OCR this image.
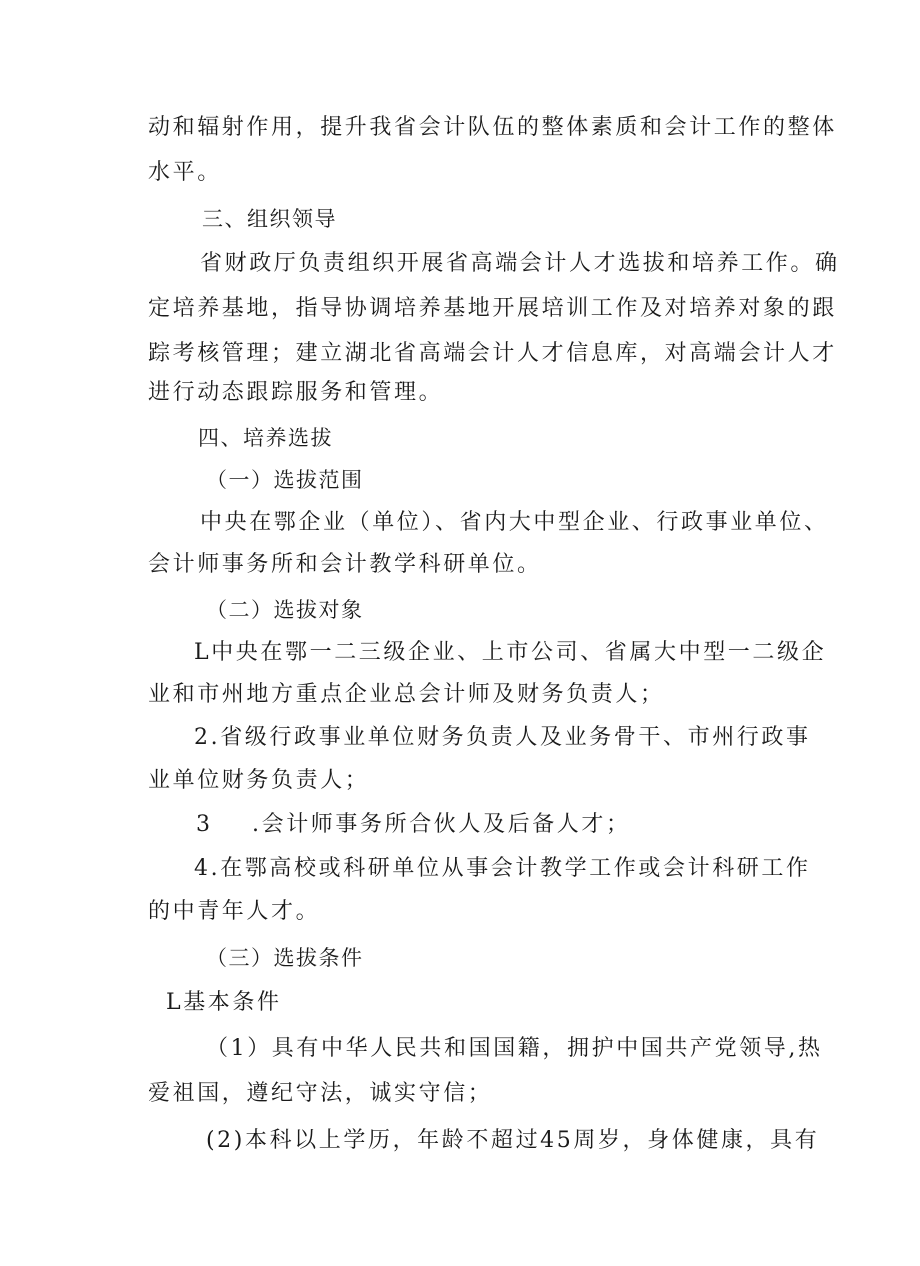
动和辐射作用，提升我省会计队伍的整体素质和会计工作的整体

水平。

三、组织领导

省财政厅负责组织开展省高端会计人才选拔和培养工作。确

定培养基地，指导协调培养基地开展培训工作及对培养对象的跟

踪考核管理；建立湖北省高端会计人才信息库，对高端会计人才

进行动态跟踪服务和管理。

四、培养选拔

（一）选拔范围

中央在鄂企业（单位）、省内大中型企业、行政事业单位、

会计师事务所和会计教学科研单位。

（二）选拔对象

L中央在鄂一二三级企业、上市公司、省属大中型一二级企

业和市州地方重点企业总会计师及财务负责人；

2.省级行政事业单位财务负责人及业务骨干、市州行政事

业单位财务负责人；

3 .会计师事务所合伙人及后备人才；

4.在鄂高校或科研单位从事会计教学工作或会计科研工作

的中青年人才。

（三）选拔条件

L基本条件

（1）具有中华人民共和国国籍，拥护中国共产党领导,热

爱祖国，遵纪守法，诚实守信；

(2)本科以上学历，年龄不超过45周岁，身体健康，具有
